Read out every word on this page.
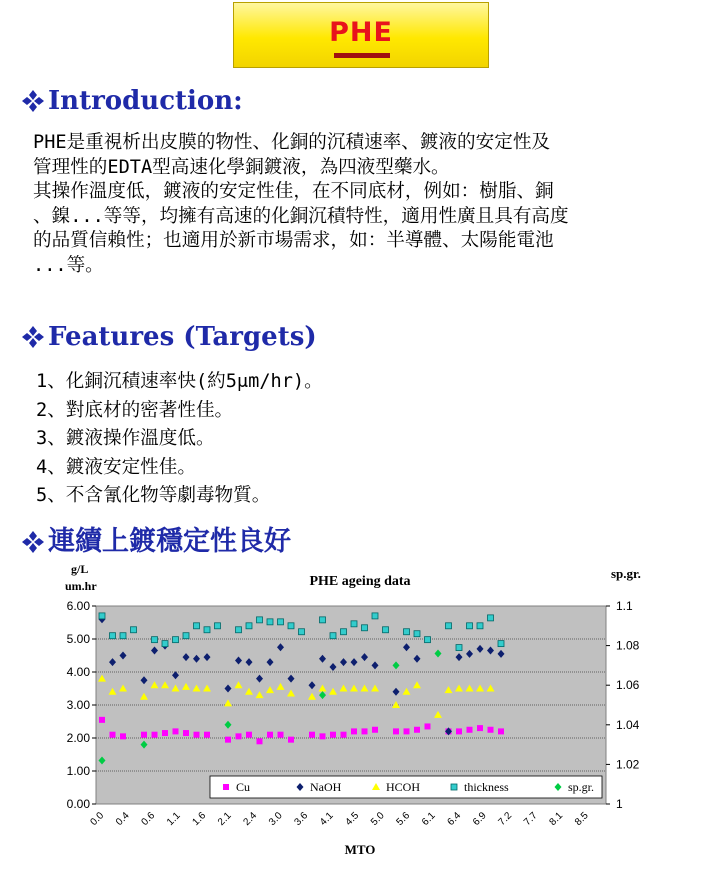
PHE
Introduction:

PHE是重視析出皮膜的物性、化銅的沉積速率、鍍液的安定性及

管理性的EDTA型高速化學銅鍍液，為四液型藥水。

其操作溫度低，鍍液的安定性佳，在不同底材，例如：樹脂、銅

、鎳...等等，均擁有高速的化銅沉積特性，適用性廣且具有高度

的品質信賴性；也適用於新市場需求，如：半導體、太陽能電池

...等。

Features (Targets)
1、化銅沉積速率快(約5μm/hr)。
2、對底材的密著性佳。
3、鍍液操作溫度低。
4、鍍液安定性佳。
5、不含氰化物等劇毒物質。
連續上鍍穩定性良好
0.00
1.00
2.00
3.00
4.00
5.00
6.00
1
1.02
1.04
1.06
1.08
1.1
0.0 0.4 0.6 1.1 1.6 2.1 2.4 3.0 3.6 4.1 4.5 5.0 5.6 6.1 6.4 6.9 7.2 7.7 8.1 8.5
Cu	NaOH	HCOH	thickness	sp.gr.
PHE ageing data
g/L
um.hr
sp.gr.
MTO
